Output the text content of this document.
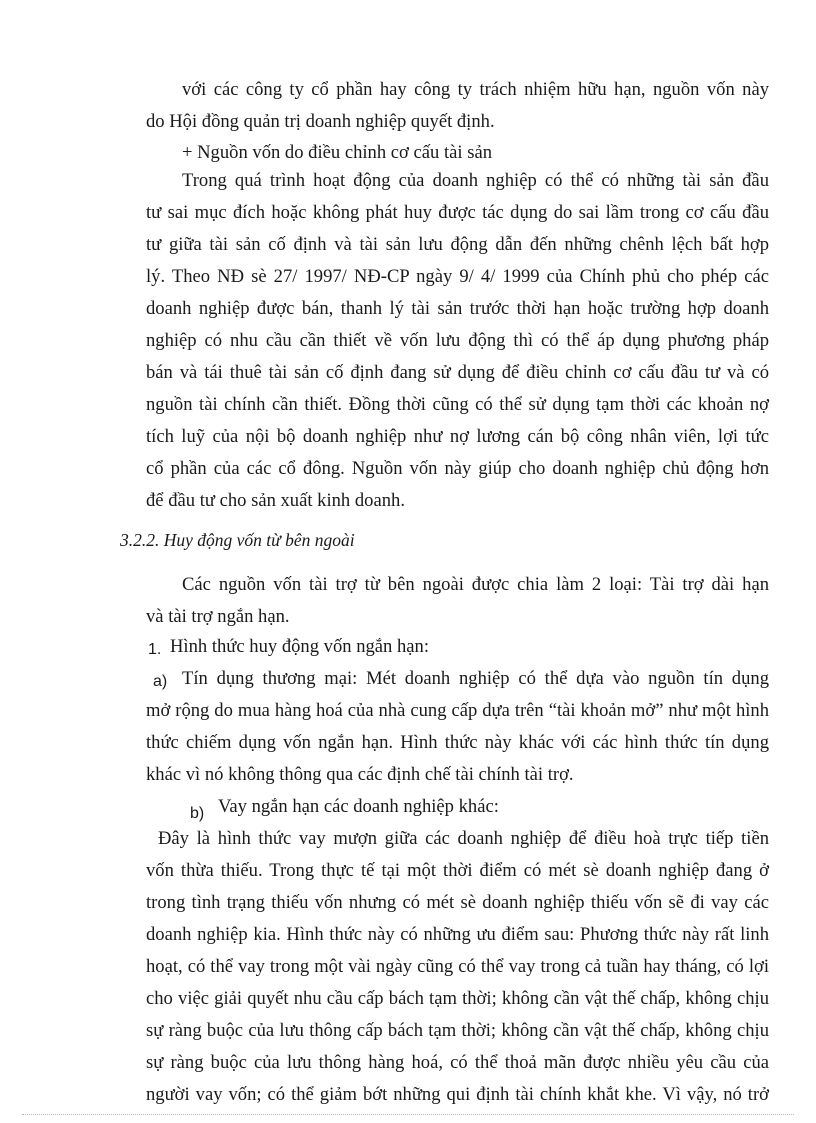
với các công ty cổ phần hay công ty trách nhiệm hữu hạn, nguồn vốn này

do Hội đồng quản trị doanh nghiệp quyết định.

+ Nguồn vốn do điều chỉnh cơ cấu tài sản

Trong quá trình hoạt động của doanh nghiệp có thể có những tài sản đầu

tư sai mục đích hoặc không phát huy được tác dụng do sai lầm trong cơ cấu đầu

tư giữa tài sản cố định và tài sản lưu động dẫn đến những chênh lệch bất hợp

lý. Theo NĐ sè 27/ 1997/ NĐ-CP ngày 9/ 4/ 1999 của Chính phủ cho phép các

doanh nghiệp được bán, thanh lý tài sản trước thời hạn hoặc trường hợp doanh

nghiệp có nhu cầu cần thiết về vốn lưu động thì có thể áp dụng phương pháp

bán và tái thuê tài sản cố định đang sử dụng để điều chỉnh cơ cấu đầu tư và có

nguồn tài chính cần thiết. Đồng thời cũng có thể sử dụng tạm thời các khoản nợ

tích luỹ của nội bộ doanh nghiệp như nợ lương cán bộ công nhân viên, lợi tức

cổ phần của các cổ đông. Nguồn vốn này giúp cho doanh nghiệp chủ động hơn

để đầu tư cho sản xuất kinh doanh.

3.2.2. Huy động vốn từ bên ngoài

Các nguồn vốn tài trợ từ bên ngoài được chia làm 2 loại: Tài trợ dài hạn

và tài trợ ngắn hạn.

1. Hình thức huy động vốn ngắn hạn:

a) Tín dụng thương mại: Mét doanh nghiệp có thể dựa vào nguồn tín dụng

mở rộng do mua hàng hoá của nhà cung cấp dựa trên “tài khoản mở” như một hình

thức chiếm dụng vốn ngắn hạn. Hình thức này khác với các hình thức tín dụng

khác vì nó không thông qua các định chế tài chính tài trợ.

b) Vay ngắn hạn các doanh nghiệp khác:

Đây là hình thức vay mượn giữa các doanh nghiệp để điều hoà trực tiếp tiền

vốn thừa thiếu. Trong thực tế tại một thời điểm có mét sè doanh nghiệp đang ở

trong tình trạng thiếu vốn nhưng có mét sè doanh nghiệp thiếu vốn sẽ đi vay các

doanh nghiệp kia. Hình thức này có những ưu điểm sau: Phương thức này rất linh

hoạt, có thể vay trong một vài ngày cũng có thể vay trong cả tuần hay tháng, có lợi

cho việc giải quyết nhu cầu cấp bách tạm thời; không cần vật thế chấp, không chịu

sự ràng buộc của lưu thông cấp bách tạm thời; không cần vật thế chấp, không chịu

sự ràng buộc của lưu thông hàng hoá, có thể thoả mãn được nhiều yêu cầu của

người vay vốn; có thể giảm bớt những qui định tài chính khắt khe. Vì vậy, nó trở
